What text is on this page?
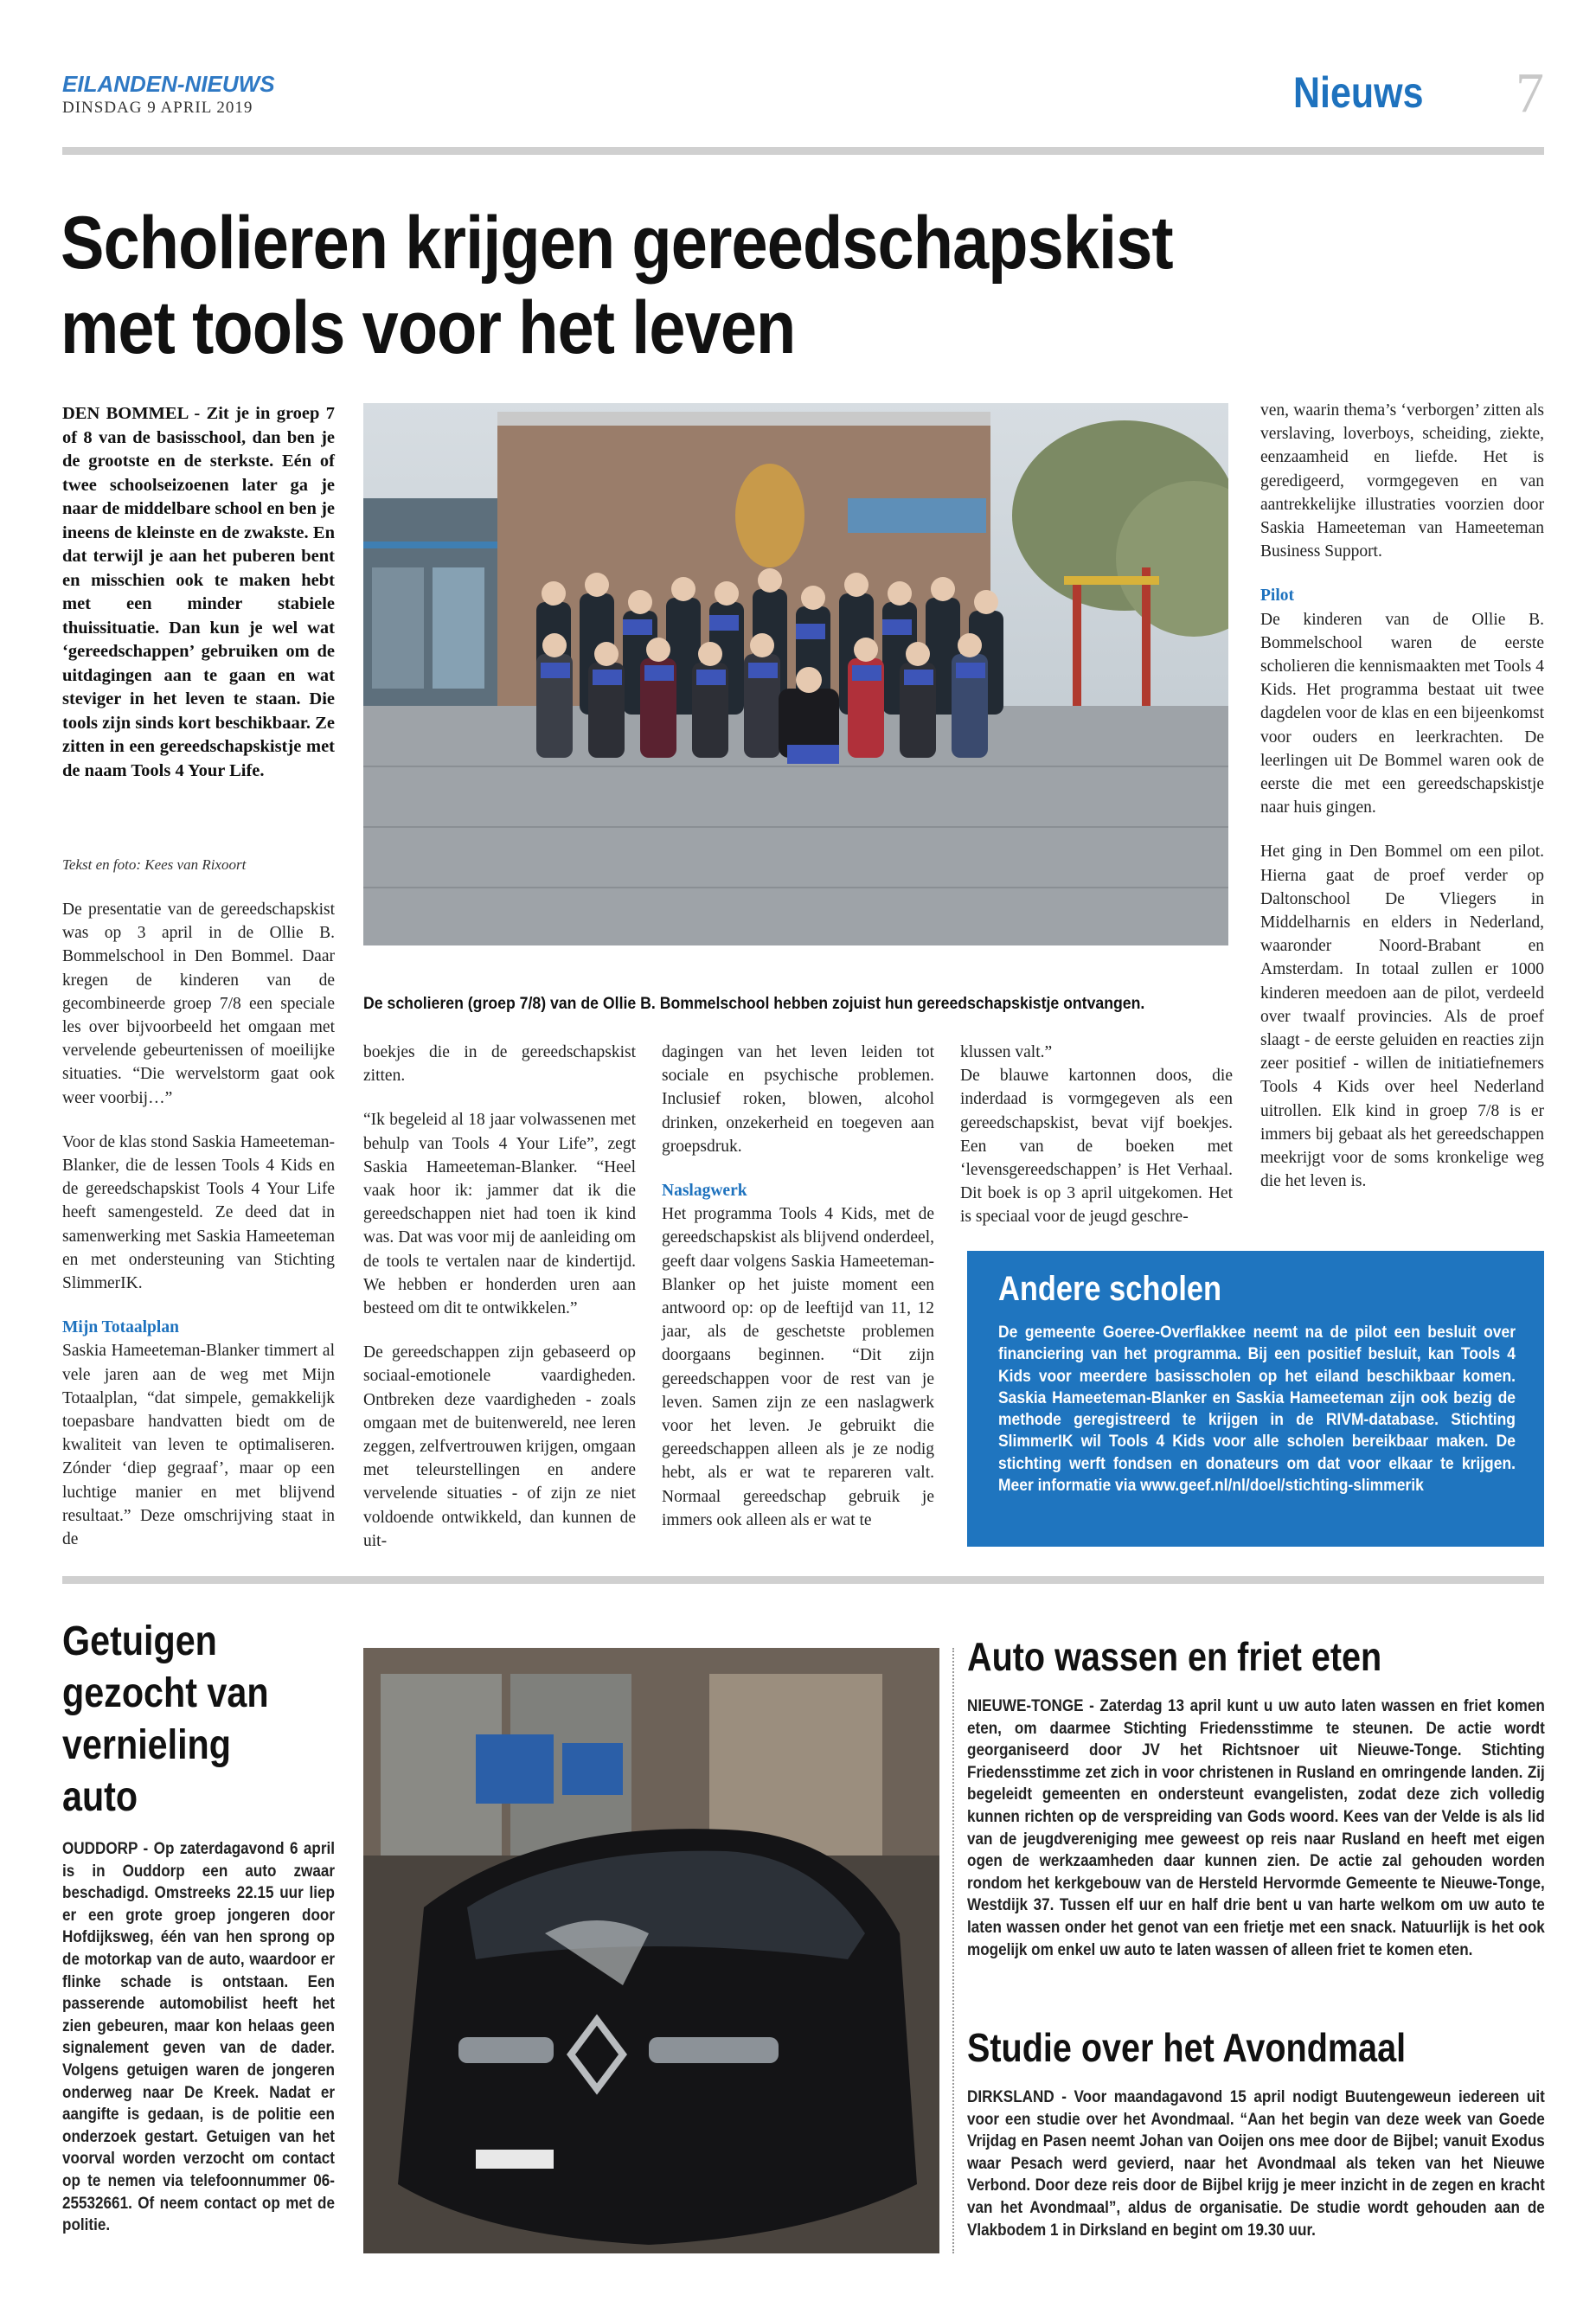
EILANDEN-NIEUWS
DINSDAG 9 APRIL 2019	Nieuws 7
Scholieren krijgen gereedschapskist
met tools voor het leven
DEN BOMMEL - Zit je in groep 7 of 8 van de basisschool, dan ben je de grootste en de sterkste. Eén of twee schoolseizoenen later ga je naar de middelbare school en ben je ineens de kleinste en de zwakste. En dat terwijl je aan het puberen bent en misschien ook te maken hebt met een minder stabiele thuissituatie. Dan kun je wel wat ‘gereedschappen’ gebruiken om de uitdagingen aan te gaan en wat steviger in het leven te staan. Die tools zijn sinds kort beschikbaar. Ze zitten in een gereedschapskistje met de naam Tools 4 Your Life.
Tekst en foto: Kees van Rixoort

De presentatie van de gereedschapskist was op 3 april in de Ollie B. Bommelschool in Den Bommel. Daar kregen de kinderen van de gecombineerde groep 7/8 een speciale les over bijvoorbeeld het omgaan met vervelende gebeurtenissen of moeilijke situaties. “Die wervelstorm gaat ook weer voorbij…”

Voor de klas stond Saskia Hameeteman-Blanker, die de lessen Tools 4 Kids en de gereedschapskist Tools 4 Your Life heeft samengesteld. Ze deed dat in samenwerking met Saskia Hameeteman en met ondersteuning van Stichting SlimmerIK.

Mijn Totaalplan

Saskia Hameeteman-Blanker timmert al vele jaren aan de weg met Mijn Totaalplan, “dat simpele, gemakkelijk toepasbare handvatten biedt om de kwaliteit van leven te optimaliseren. Zónder ‘diep gegraaf’, maar op een luchtige manier en met blijvend resultaat.” Deze omschrijving staat in de

De scholieren (groep 7/8) van de Ollie B. Bommelschool hebben zojuist hun gereedschapskistje ontvangen.

boekjes die in de gereedschapskist zitten.

“Ik begeleid al 18 jaar volwassenen met behulp van Tools 4 Your Life”, zegt Saskia Hameeteman-Blanker. “Heel vaak hoor ik: jammer dat ik die gereedschappen niet had toen ik kind was. Dat was voor mij de aanleiding om de tools te vertalen naar de kindertijd. We hebben er honderden uren aan besteed om dit te ontwikkelen.”

De gereedschappen zijn gebaseerd op sociaal-emotionele vaardigheden. Ontbreken deze vaardigheden - zoals omgaan met de buitenwereld, nee leren zeggen, zelfvertrouwen krijgen, omgaan met teleurstellingen en andere vervelende situaties - of zijn ze niet voldoende ontwikkeld, dan kunnen de uit-

dagingen van het leven leiden tot sociale en psychische problemen. Inclusief roken, blowen, alcohol drinken, onzekerheid en toegeven aan groepsdruk.

Naslagwerk

Het programma Tools 4 Kids, met de gereedschapskist als blijvend onderdeel, geeft daar volgens Saskia Hameeteman-Blanker op het juiste moment een antwoord op: op de leeftijd van 11, 12 jaar, als de geschetste problemen doorgaans beginnen. “Dit zijn gereedschappen voor de rest van je leven. Samen zijn ze een naslagwerk voor het leven. Je gebruikt die gereedschappen alleen als je ze nodig hebt, als er wat te repareren valt. Normaal gereedschap gebruik je immers ook alleen als er wat te

klussen valt.”

De blauwe kartonnen doos, die inderdaad is vormgegeven als een gereedschapskist, bevat vijf boekjes. Een van de boeken met ‘levensgereedschappen’ is Het Verhaal. Dit boek is op 3 april uitgekomen. Het is speciaal voor de jeugd geschre-

ven, waarin thema’s ‘verborgen’ zitten als verslaving, loverboys, scheiding, ziekte, eenzaamheid en liefde. Het is geredigeerd, vormgegeven en van aantrekkelijke illustraties voorzien door Saskia Hameeteman van Hameeteman Business Support.

Pilot

De kinderen van de Ollie B. Bommelschool waren de eerste scholieren die kennismaakten met Tools 4 Kids. Het programma bestaat uit twee dagdelen voor de klas en een bijeenkomst voor ouders en leerkrachten. De leerlingen uit De Bommel waren ook de eerste die met een gereedschapskistje naar huis gingen.

Het ging in Den Bommel om een pilot. Hierna gaat de proef verder op Daltonschool De Vliegers in Middelharnis en elders in Nederland, waaronder Noord-Brabant en Amsterdam. In totaal zullen er 1000 kinderen meedoen aan de pilot, verdeeld over twaalf provincies. Als de proef slaagt - de eerste geluiden en reacties zijn zeer positief - willen de initiatiefnemers Tools 4 Kids over heel Nederland uitrollen. Elk kind in groep 7/8 is er immers bij gebaat als het gereedschappen meekrijgt voor de soms kronkelige weg die het leven is.

Andere scholen
De gemeente Goeree-Overflakkee neemt na de pilot een besluit over financiering van het programma. Bij een positief besluit, kan Tools 4 Kids voor meerdere basisscholen op het eiland beschikbaar komen. Saskia Hameeteman-Blanker en Saskia Hameeteman zijn ook bezig de methode geregistreerd te krijgen in de RIVM-database. Stichting SlimmerIK wil Tools 4 Kids voor alle scholen bereikbaar maken. De stichting werft fondsen en donateurs om dat voor elkaar te krijgen. Meer informatie via www.geef.nl/nl/doel/stichting-slimmerik
Getuigen
gezocht van
vernieling
auto
OUDDORP - Op zaterdagavond 6 april is in Ouddorp een auto zwaar beschadigd. Omstreeks 22.15 uur liep er een grote groep jongeren door Hofdijksweg, één van hen sprong op de motorkap van de auto, waardoor er flinke schade is ontstaan. Een passerende automobilist heeft het zien gebeuren, maar kon helaas geen signalement geven van de dader. Volgens getuigen waren de jongeren onderweg naar De Kreek. Nadat er aangifte is gedaan, is de politie een onderzoek gestart. Getuigen van het voorval worden verzocht om contact op te nemen via telefoonnummer 06-25532661. Of neem contact op met de politie.
Auto wassen en friet eten
NIEUWE-TONGE - Zaterdag 13 april kunt u uw auto laten wassen en friet komen eten, om daarmee Stichting Friedensstimme te steunen. De actie wordt georganiseerd door JV het Richtsnoer uit Nieuwe-Tonge. Stichting Friedensstimme zet zich in voor christenen in Rusland en omringende landen. Zij begeleidt gemeenten en ondersteunt evangelisten, zodat deze zich volledig kunnen richten op de verspreiding van Gods woord. Kees van der Velde is als lid van de jeugdvereniging mee geweest op reis naar Rusland en heeft met eigen ogen de werkzaamheden daar kunnen zien. De actie zal gehouden worden rondom het kerkgebouw van de Hersteld Hervormde Gemeente te Nieuwe-Tonge, Westdijk 37. Tussen elf uur en half drie bent u van harte welkom om uw auto te laten wassen onder het genot van een frietje met een snack. Natuurlijk is het ook mogelijk om enkel uw auto te laten wassen of alleen friet te komen eten.
Studie over het Avondmaal
DIRKSLAND - Voor maandagavond 15 april nodigt Buutengeweun iedereen uit voor een studie over het Avondmaal. “Aan het begin van deze week van Goede Vrijdag en Pasen neemt Johan van Ooijen ons mee door de Bijbel; vanuit Exodus waar Pesach werd gevierd, naar het Avondmaal als teken van het Nieuwe Verbond. Door deze reis door de Bijbel krijg je meer inzicht in de zegen en kracht van het Avondmaal”, aldus de organisatie. De studie wordt gehouden aan de Vlakbodem 1 in Dirksland en begint om 19.30 uur.
